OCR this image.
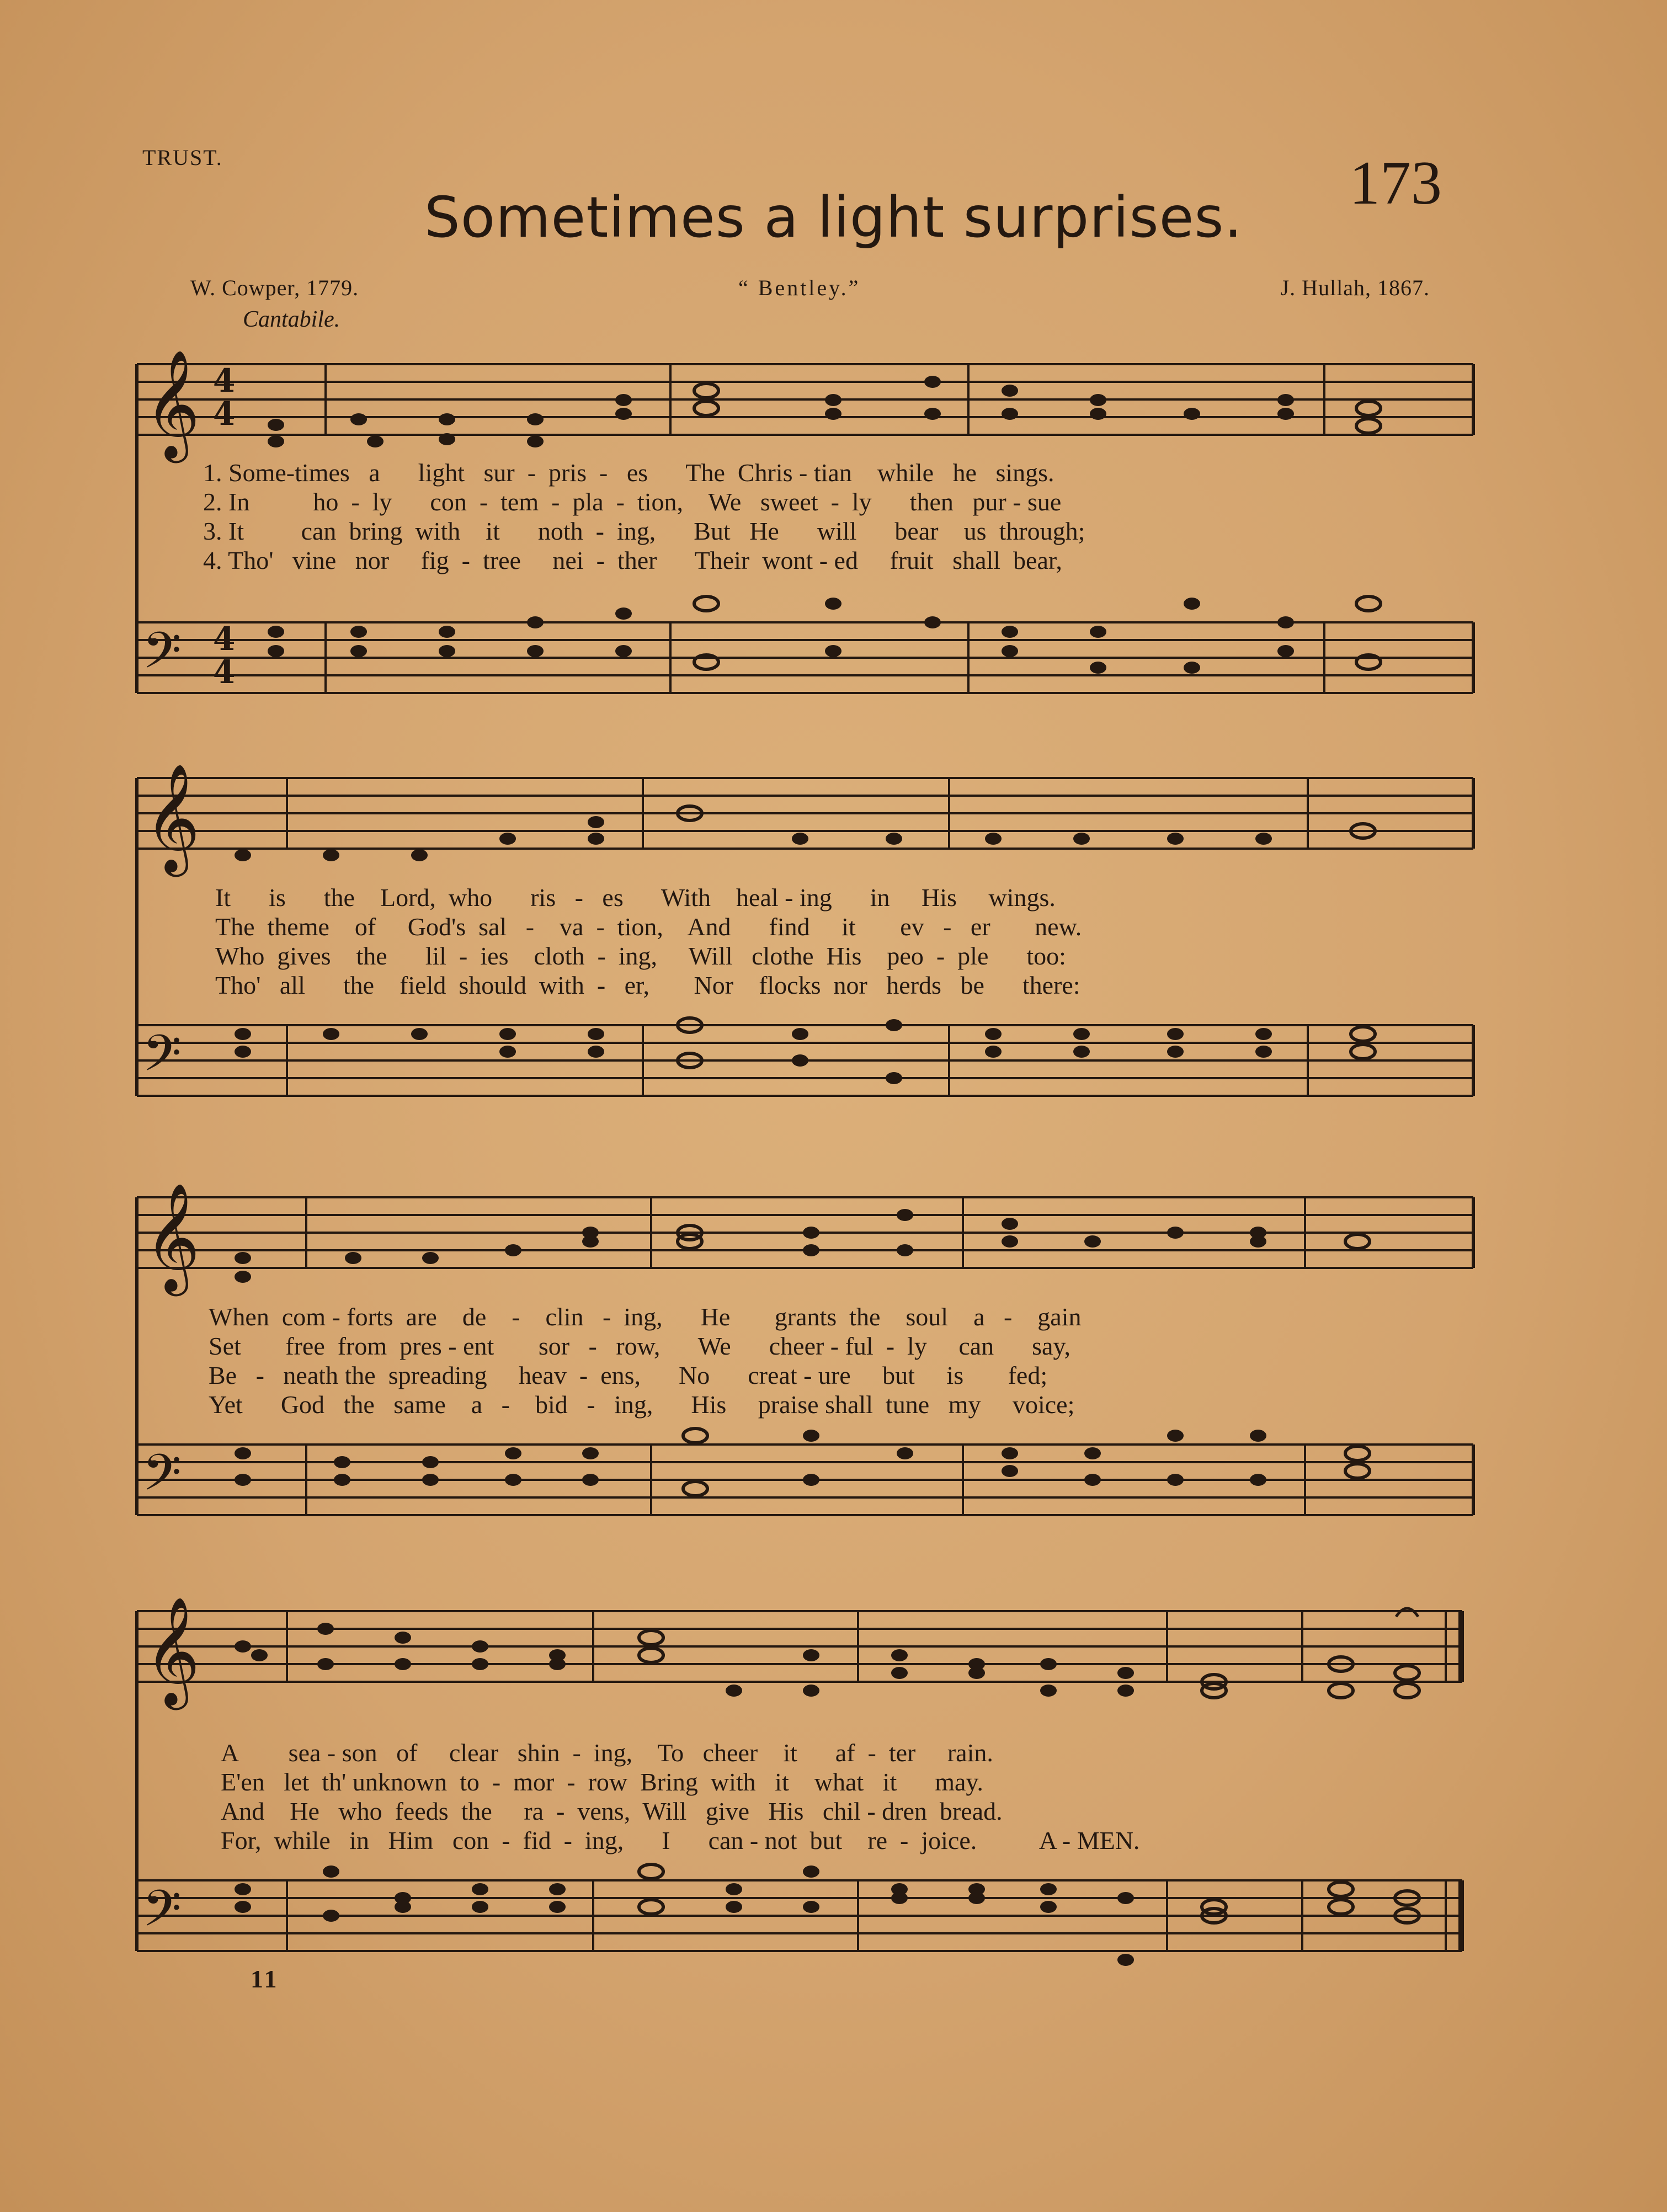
TRUST.	173
Sometimes a light surprises.
W. Cowper, 1779.	“ Bentley.”	J. Hullah, 1867.
Cantabile.
𝄞 4
4
1. Some-times   a      light   sur  -  pris  -   es      The  Chris - tian    while   he   sings.
2. In          ho  -  ly      con  -  tem  -  pla  -  tion,    We   sweet  -  ly      then   pur - sue
3. It         can  bring  with    it      noth  -  ing,      But   He      will      bear    us  through;
4. Tho'   vine   nor     fig  -  tree     nei  -  ther      Their  wont - ed     fruit   shall  bear,
𝄢 4
4
𝄞
It      is      the    Lord,  who      ris   -   es      With    heal - ing      in     His     wings.
The  theme    of     God's  sal   -    va  -  tion,    And      find     it       ev   -   er       new.
Who  gives    the      lil  -  ies    cloth  -  ing,     Will   clothe  His    peo  -  ple      too:
Tho'   all      the    field  should  with  -   er,       Nor    flocks  nor   herds   be      there:
𝄢
𝄞
When  com - forts  are    de    -    clin   -  ing,      He       grants  the    soul    a   -    gain
Set       free  from  pres - ent       sor   -   row,      We      cheer - ful  -  ly     can      say,
Be   -   neath the  spreading     heav  -  ens,      No      creat - ure     but     is       fed;
Yet      God   the   same    a   -    bid   -   ing,      His     praise shall  tune   my     voice;
𝄢
𝄞
A        sea - son   of     clear   shin  -  ing,    To   cheer    it      af  -  ter     rain.
E'en   let  th' unknown  to  -  mor  -  row  Bring  with   it    what   it      may.
And    He   who  feeds  the     ra  -  vens,  Will   give   His   chil - dren  bread.
For,  while   in   Him   con  -  fid  -  ing,      I      can - not  but    re  -  joice.          A - MEN.
𝄢
11
